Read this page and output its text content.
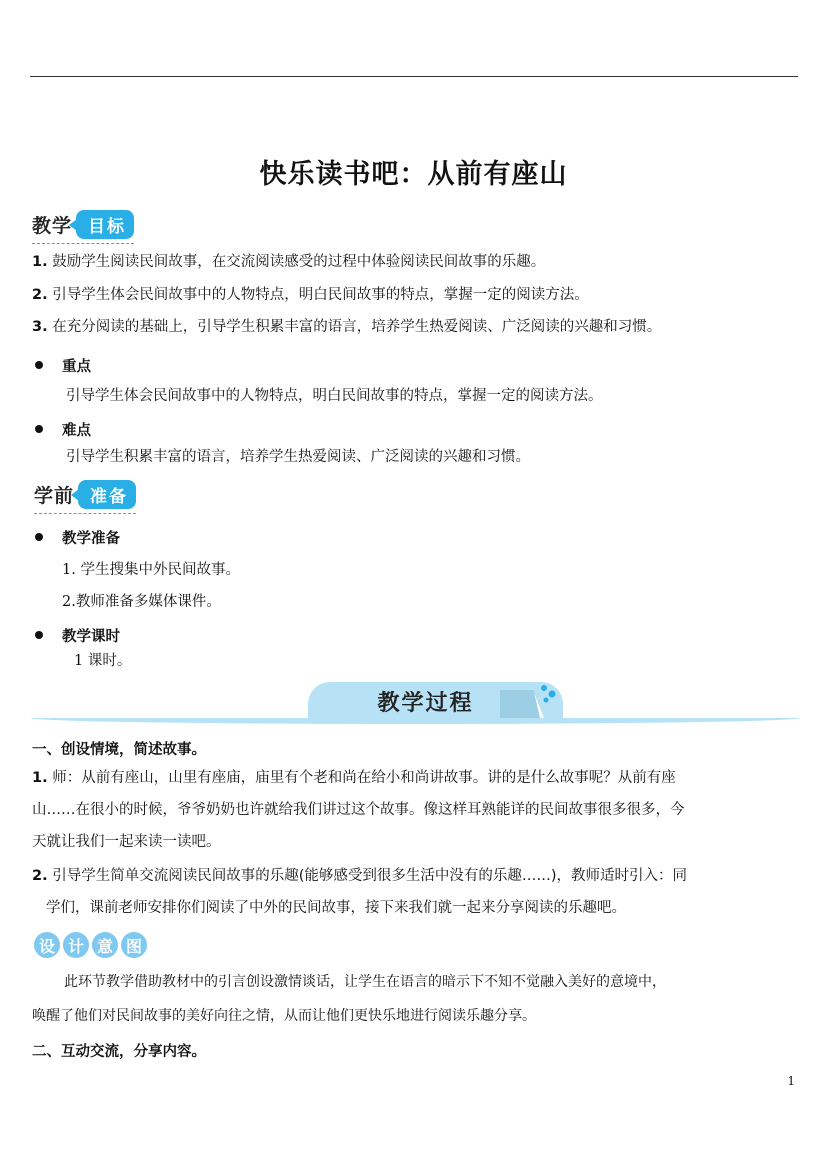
快乐读书吧：从前有座山
教学 目标
1. 鼓励学生阅读民间故事，在交流阅读感受的过程中体验阅读民间故事的乐趣。
2. 引导学生体会民间故事中的人物特点，明白民间故事的特点，掌握一定的阅读方法。
3. 在充分阅读的基础上，引导学生积累丰富的语言，培养学生热爱阅读、广泛阅读的兴趣和习惯。
重点
引导学生体会民间故事中的人物特点，明白民间故事的特点，掌握一定的阅读方法。
难点
引导学生积累丰富的语言，培养学生热爱阅读、广泛阅读的兴趣和习惯。
学前 准备
教学准备
1. 学生搜集中外民间故事。
2.教师准备多媒体课件。
教学课时
1 课时。
教学过程
一、创设情境，简述故事。
1. 师：从前有座山，山里有座庙，庙里有个老和尚在给小和尚讲故事。讲的是什么故事呢？从前有座
山……在很小的时候，爷爷奶奶也许就给我们讲过这个故事。像这样耳熟能详的民间故事很多很多，今
天就让我们一起来读一读吧。
2. 引导学生简单交流阅读民间故事的乐趣(能够感受到很多生活中没有的乐趣……)，教师适时引入：同
学们，课前老师安排你们阅读了中外的民间故事，接下来我们就一起来分享阅读的乐趣吧。
设 计 意 图
此环节教学借助教材中的引言创设激情谈话，让学生在语言的暗示下不知不觉融入美好的意境中，
唤醒了他们对民间故事的美好向往之情，从而让他们更快乐地进行阅读乐趣分享。
二、互动交流，分享内容。
1
